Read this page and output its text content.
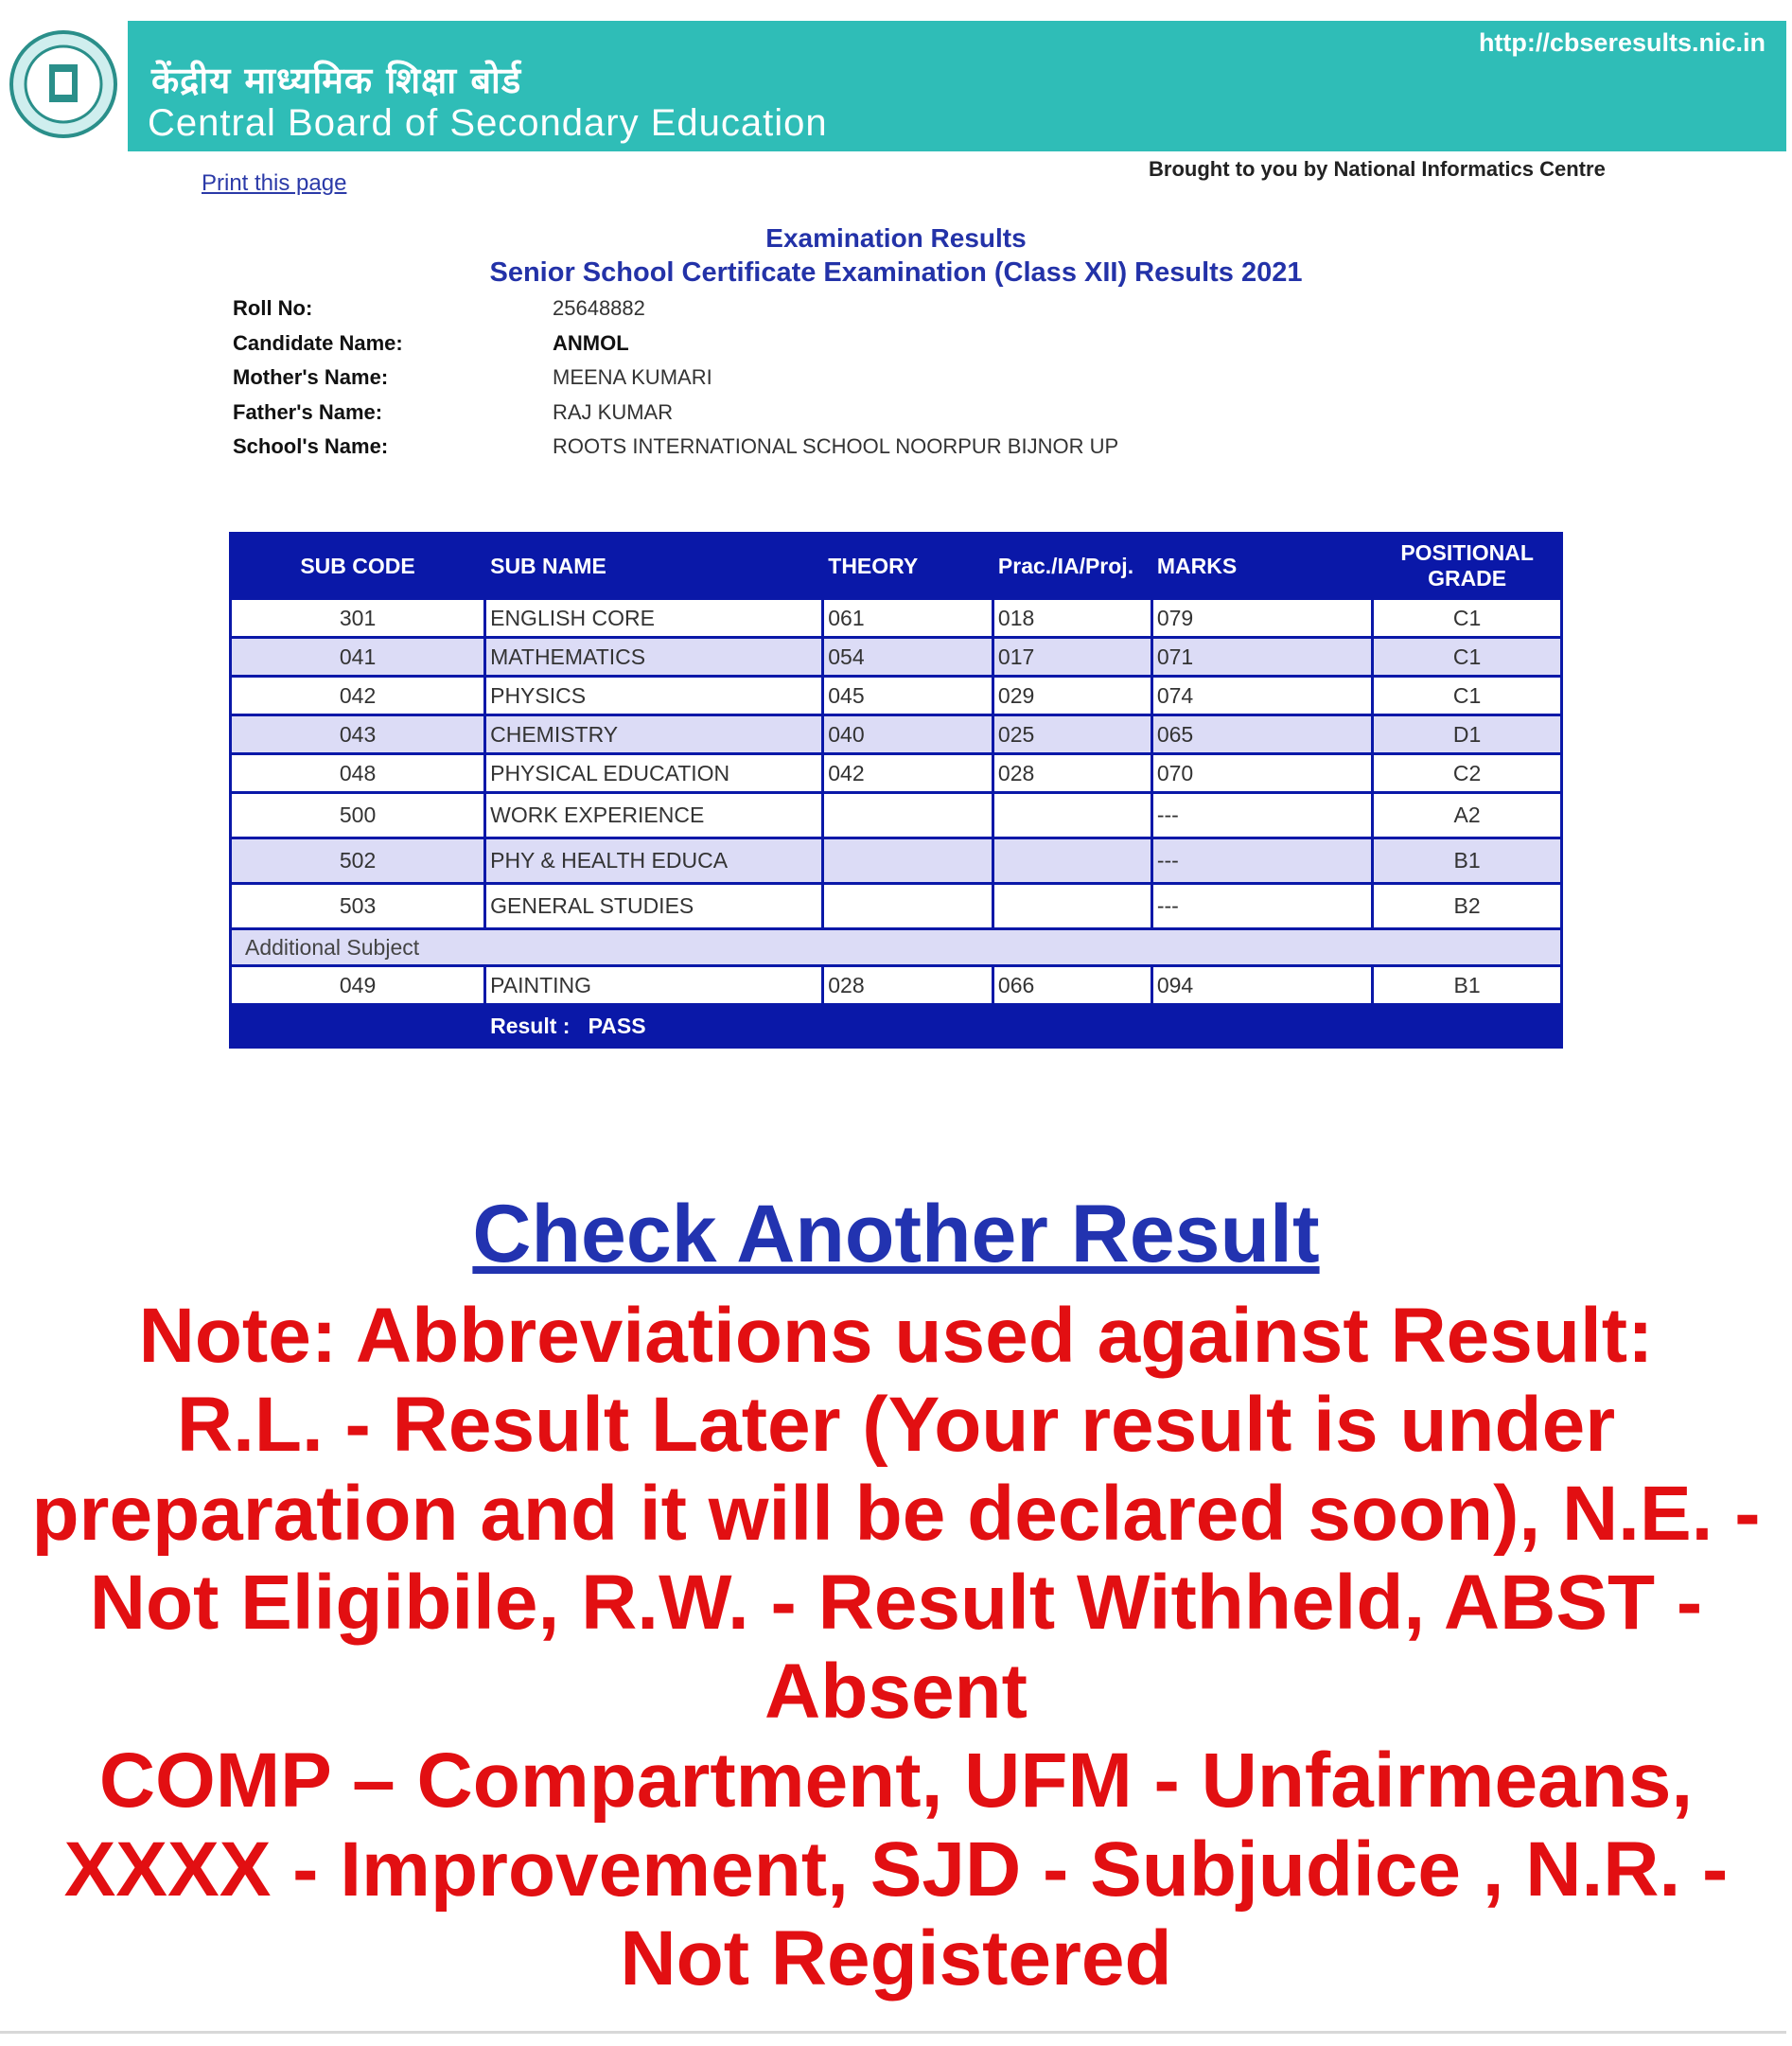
केंद्रीय माध्यमिक शिक्षा बोर्ड
Central Board of Secondary Education
http://cbseresults.nic.in
Print this page
Brought to you by National Informatics Centre
Examination Results
Senior School Certificate Examination (Class XII) Results 2021
Roll No:	25648882
Candidate Name:	ANMOL
Mother's Name:	MEENA KUMARI
Father's Name:	RAJ KUMAR
School's Name:	ROOTS INTERNATIONAL SCHOOL NOORPUR BIJNOR UP
SUB CODE	SUB NAME	THEORY	Prac./IA/Proj.	MARKS	POSITIONAL GRADE
301	ENGLISH CORE	061	018	079	C1
041	MATHEMATICS	054	017	071	C1
042	PHYSICS	045	029	074	C1
043	CHEMISTRY	040	025	065	D1
048	PHYSICAL EDUCATION	042	028	070	C2
500	WORK EXPERIENCE			---	A2
502	PHY & HEALTH EDUCA			---	B1
503	GENERAL STUDIES			---	B2
Additional Subject					
049	PAINTING	028	066	094	B1
	Result : PASS				
Check Another Result
Note: Abbreviations used against Result:
R.L. - Result Later (Your result is under preparation and it will be declared soon), N.E. - Not Eligibile, R.W. - Result Withheld, ABST - Absent
COMP – Compartment, UFM - Unfairmeans, XXXX - Improvement, SJD - Subjudice , N.R. - Not Registered
